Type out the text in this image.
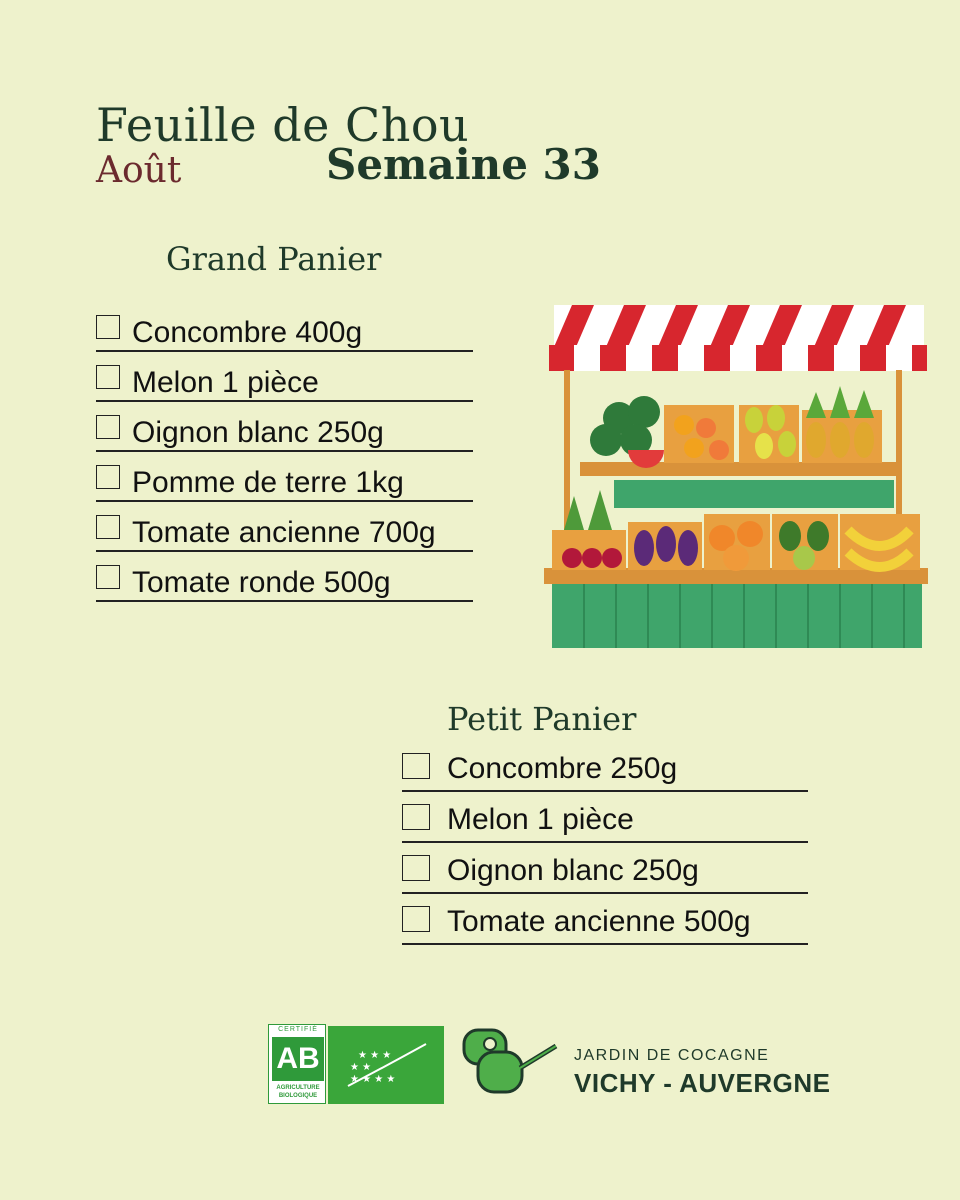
Feuille de Chou
Août	Semaine 33
Grand Panier
Concombre 400g
Melon 1 pièce
Oignon blanc 250g
Pomme de terre 1kg
Tomate ancienne 700g
Tomate ronde 500g
Petit Panier
Concombre 250g
Melon 1 pièce
Oignon blanc 250g
Tomate ancienne 500g
CERTIFIÉ
AB
AGRICULTURE
BIOLOGIQUE
★ ★ ★
★ ★
★ ★ ★ ★
JARDIN DE COCAGNE
VICHY - AUVERGNE
